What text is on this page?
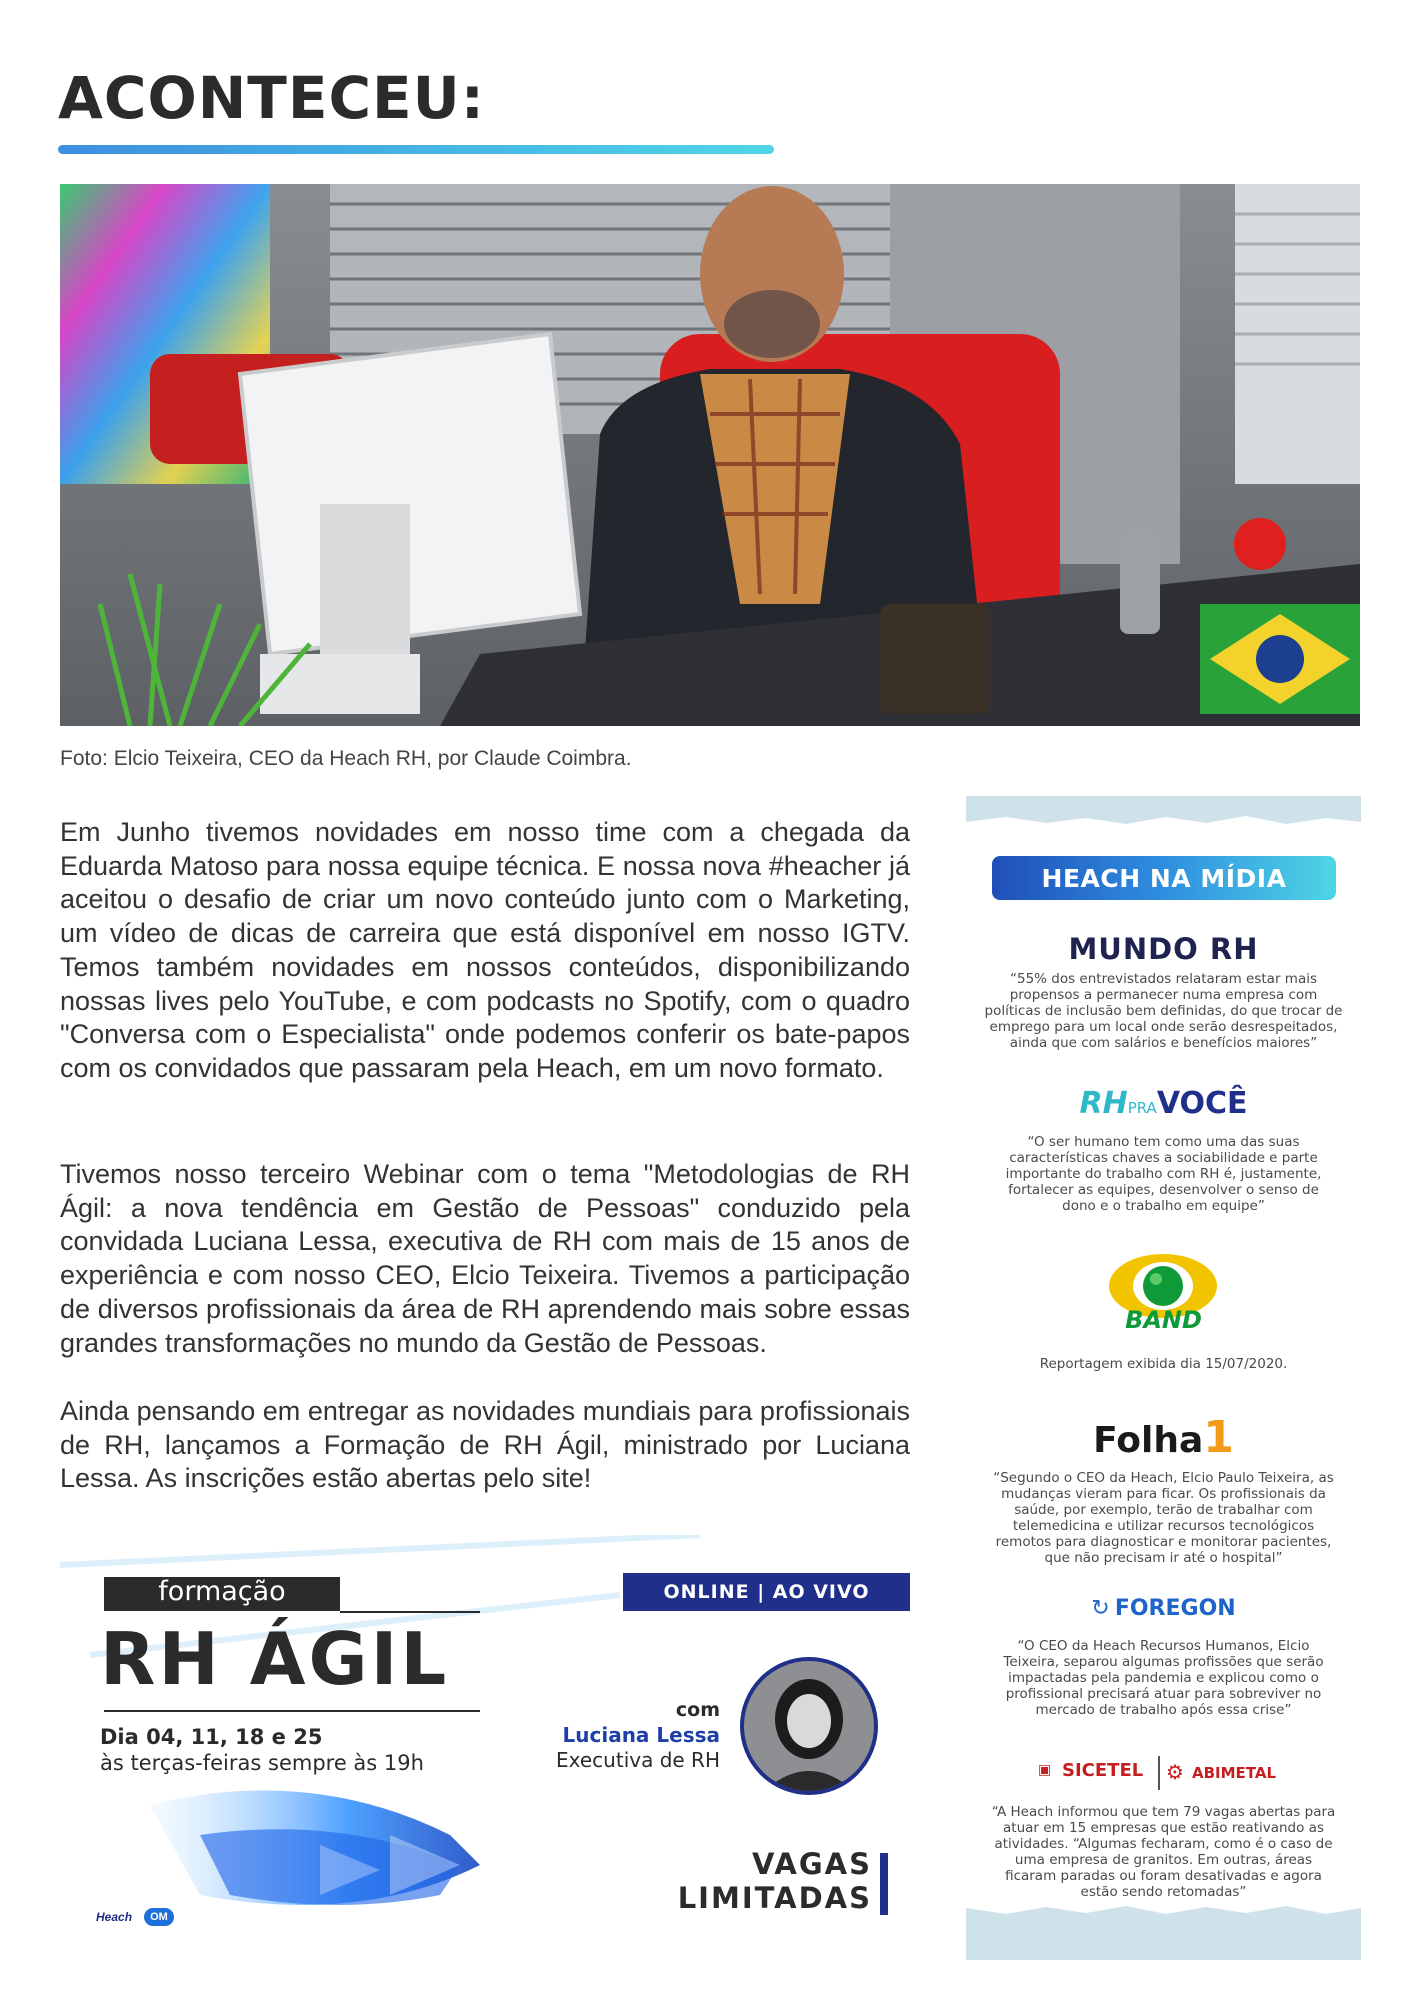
ACONTECEU:
Foto: Elcio Teixeira, CEO da Heach RH, por Claude Coimbra.
Em Junho tivemos novidades em nosso time com a chegada da Eduarda Matoso para nossa equipe técnica. E nossa nova #heacher já aceitou o desafio de criar um novo conteúdo junto com o Marketing, um vídeo de dicas de carreira que está disponível em nosso IGTV. Temos também novidades em nossos conteúdos, disponibilizando nossas lives pelo YouTube, e com podcasts no Spotify, com o quadro "Conversa com o Especialista" onde podemos conferir os bate-papos com os convidados que passaram pela Heach, em um novo formato.
Tivemos nosso terceiro Webinar com o tema "Metodologias de RH Ágil: a nova tendência em Gestão de Pessoas" conduzido pela convidada Luciana Lessa, executiva de RH com mais de 15 anos de experiência e com nosso CEO, Elcio Teixeira. Tivemos a participação de diversos profissionais da área de RH aprendendo mais sobre essas grandes transformações no mundo da Gestão de Pessoas.
Ainda pensando em entregar as novidades mundiais para profissionais de RH, lançamos a Formação de RH Ágil, ministrado por Luciana Lessa. As inscrições estão abertas pelo site!
formação
RH ÁGIL
Dia 04, 11, 18 e 25
às terças-feiras sempre às 19h
ONLINE | AO VIVO
com
Luciana Lessa
Executiva de RH
VAGAS
LIMITADAS
Heach	OM
HEACH NA MÍDIA
MUNDO RH
“55% dos entrevistados relataram estar mais propensos a permanecer numa empresa com políticas de inclusão bem definidas, do que trocar de emprego para um local onde serão desrespeitados, ainda que com salários e benefícios maiores”
RHPRAVOCÊ
“O ser humano tem como uma das suas características chaves a sociabilidade e parte importante do trabalho com RH é, justamente, fortalecer as equipes, desenvolver o senso de dono e o trabalho em equipe”
BAND
Reportagem exibida dia 15/07/2020.
Folha1
“Segundo o CEO da Heach, Elcio Paulo Teixeira, as mudanças vieram para ficar. Os profissionais da saúde, por exemplo, terão de trabalhar com telemedicina e utilizar recursos tecnológicos remotos para diagnosticar e monitorar pacientes, que não precisam ir até o hospital”
↻ FOREGON
“O CEO da Heach Recursos Humanos, Elcio Teixeira, separou algumas profissões que serão impactadas pela pandemia e explicou como o profissional precisará atuar para sobreviver no mercado de trabalho após essa crise”
▣ SICETEL ⚙ ABIMETAL
“A Heach informou que tem 79 vagas abertas para atuar em 15 empresas que estão reativando as atividades. “Algumas fecharam, como é o caso de uma empresa de granitos. Em outras, áreas ficaram paradas ou foram desativadas e agora estão sendo retomadas”
